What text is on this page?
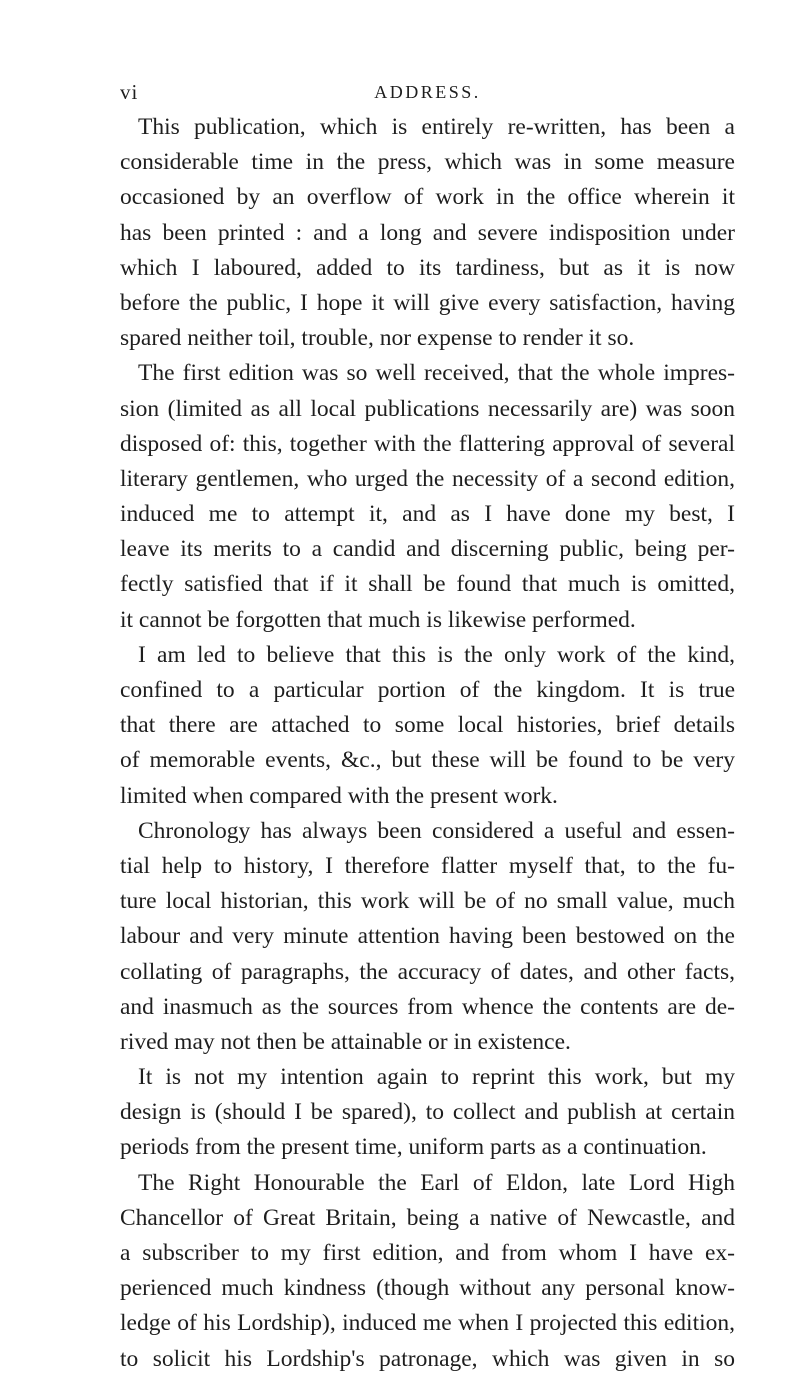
vi	ADDRESS.
This publication, which is entirely re-written, has been a
considerable time in the press, which was in some measure
occasioned by an overflow of work in the office wherein it
has been printed : and a long and severe indisposition under
which I laboured, added to its tardiness, but as it is now
before the public, I hope it will give every satisfaction, having
spared neither toil, trouble, nor expense to render it so.
The first edition was so well received, that the whole impres-
sion (limited as all local publications necessarily are) was soon
disposed of: this, together with the flattering approval of several
literary gentlemen, who urged the necessity of a second edition,
induced me to attempt it, and as I have done my best, I
leave its merits to a candid and discerning public, being per-
fectly satisfied that if it shall be found that much is omitted,
it cannot be forgotten that much is likewise performed.
I am led to believe that this is the only work of the kind,
confined to a particular portion of the kingdom. It is true
that there are attached to some local histories, brief details
of memorable events, &c., but these will be found to be very
limited when compared with the present work.
Chronology has always been considered a useful and essen-
tial help to history, I therefore flatter myself that, to the fu-
ture local historian, this work will be of no small value, much
labour and very minute attention having been bestowed on the
collating of paragraphs, the accuracy of dates, and other facts,
and inasmuch as the sources from whence the contents are de-
rived may not then be attainable or in existence.
It is not my intention again to reprint this work, but my
design is (should I be spared), to collect and publish at certain
periods from the present time, uniform parts as a continuation.
The Right Honourable the Earl of Eldon, late Lord High
Chancellor of Great Britain, being a native of Newcastle, and
a subscriber to my first edition, and from whom I have ex-
perienced much kindness (though without any personal know-
ledge of his Lordship), induced me when I projected this edition,
to solicit his Lordship's patronage, which was given in so
